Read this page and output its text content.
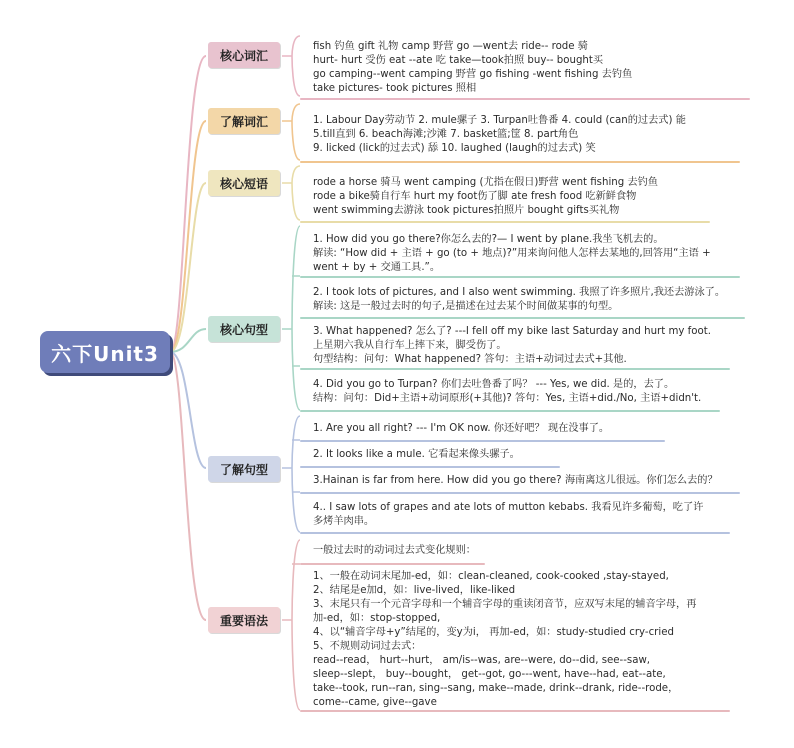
六下Unit3
核心词汇
了解词汇
核心短语
核心句型
了解句型
重要语法
fish 钓鱼 gift 礼物 camp 野营 go —went去 ride-- rode 骑
hurt- hurt 受伤 eat --ate 吃 take—took拍照 buy-- bought买
go camping--went camping 野营 go fishing -went fishing 去钓鱼
take pictures- took pictures 照相
1. Labour Day劳动节 2. mule骡子 3. Turpan吐鲁番 4. could (can的过去式) 能
5.till直到 6. beach海滩;沙滩 7. basket篮;筐 8. part角色
9. licked (lick的过去式) 舔 10. laughed (laugh的过去式) 笑
rode a horse 骑马 went camping (尤指在假日)野营 went fishing 去钓鱼
rode a bike骑自行车 hurt my foot伤了脚 ate fresh food 吃新鲜食物
went swimming去游泳 took pictures拍照片 bought gifts买礼物
1. How did you go there?你怎么去的?— I went by plane.我坐飞机去的。
解读: “How did + 主语 + go (to + 地点)?”用来询问他人怎样去某地的,回答用“主语 +
went + by + 交通工具.”。
2. I took lots of pictures, and I also went swimming. 我照了许多照片,我还去游泳了。
解读: 这是一般过去时的句子,是描述在过去某个时间做某事的句型。
3. What happened? 怎么了? ---I fell off my bike last Saturday and hurt my foot.
上星期六我从自行车上摔下来，脚受伤了。
句型结构：问句：What happened? 答句：主语+动词过去式+其他.
4. Did you go to Turpan? 你们去吐鲁番了吗？ --- Yes, we did. 是的，去了。
结构：问句：Did+主语+动词原形(+其他)? 答句：Yes, 主语+did./No, 主语+didn't.
1. Are you all right? --- I'm OK now. 你还好吧？ 现在没事了。
2. It looks like a mule. 它看起来像头骡子。
3.Hainan is far from here. How did you go there? 海南离这儿很远。你们怎么去的？
4.. I saw lots of grapes and ate lots of mutton kebabs. 我看见许多葡萄，吃了许
多烤羊肉串。
一般过去时的动词过去式变化规则：
1、一般在动词末尾加-ed，如：clean-cleaned, cook-cooked ,stay-stayed,
2、结尾是e加d，如：live-lived，like-liked
3、末尾只有一个元音字母和一个辅音字母的重读闭音节，应双写末尾的辅音字母，再
加-ed，如：stop-stopped,
4、以“辅音字母+y”结尾的，变y为i， 再加-ed，如：study-studied cry-cried
5、不规则动词过去式：
read--read， hurt--hurt， am/is--was, are--were, do--did, see--saw,
sleep--slept， buy--bought， get--got, go---went, have--had, eat--ate,
take--took, run--ran, sing--sang, make--made, drink--drank, ride--rode，
come--came, give--gave
